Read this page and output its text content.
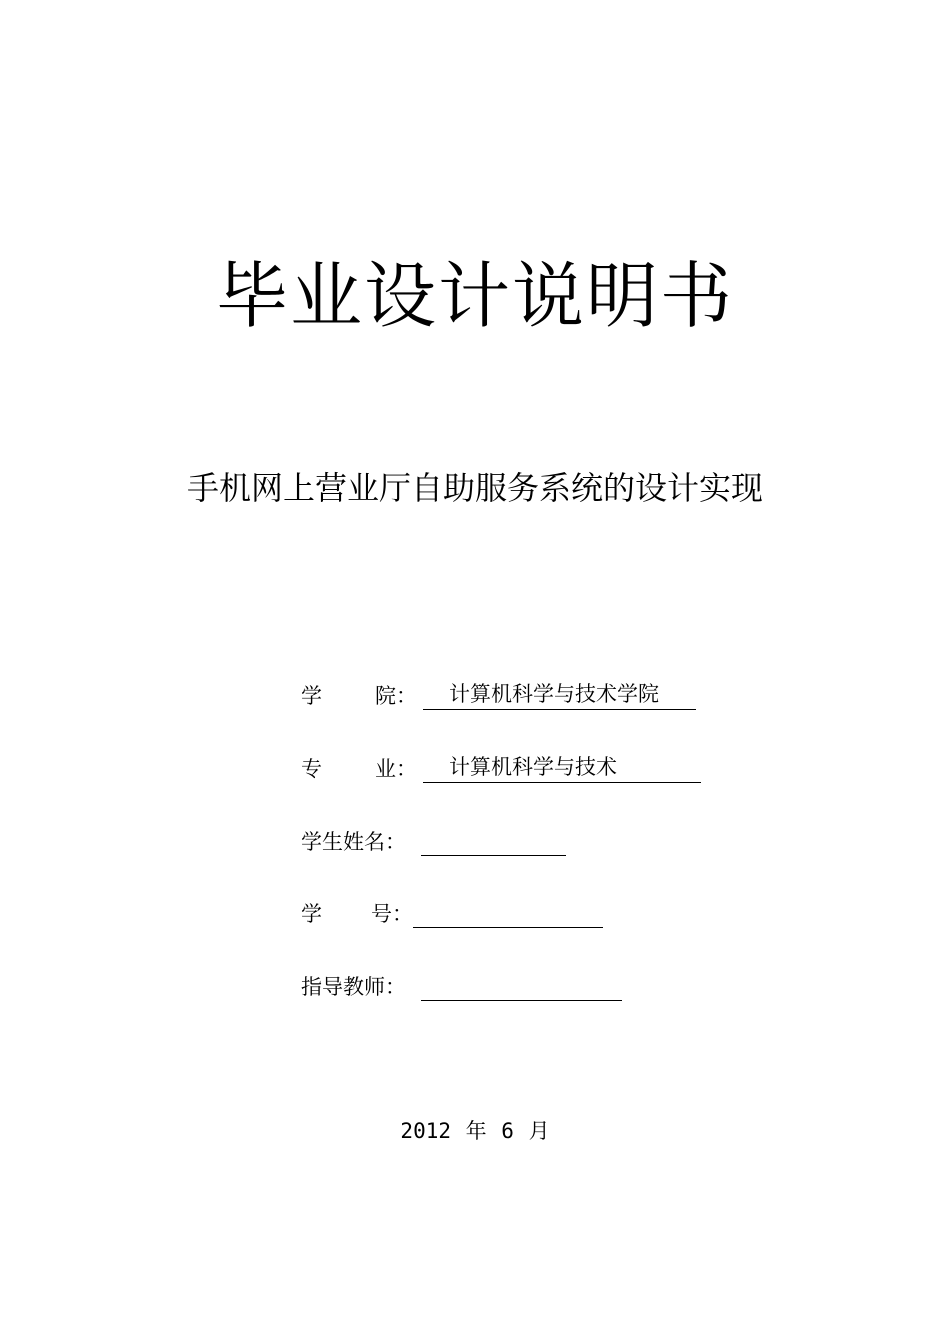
毕业设计说明书
手机网上营业厅自助服务系统的设计实现
学	院： 计算机科学与技术学院
专	业： 计算机科学与技术
学生姓名：
学 号：
指导教师：
2012 年 6 月
